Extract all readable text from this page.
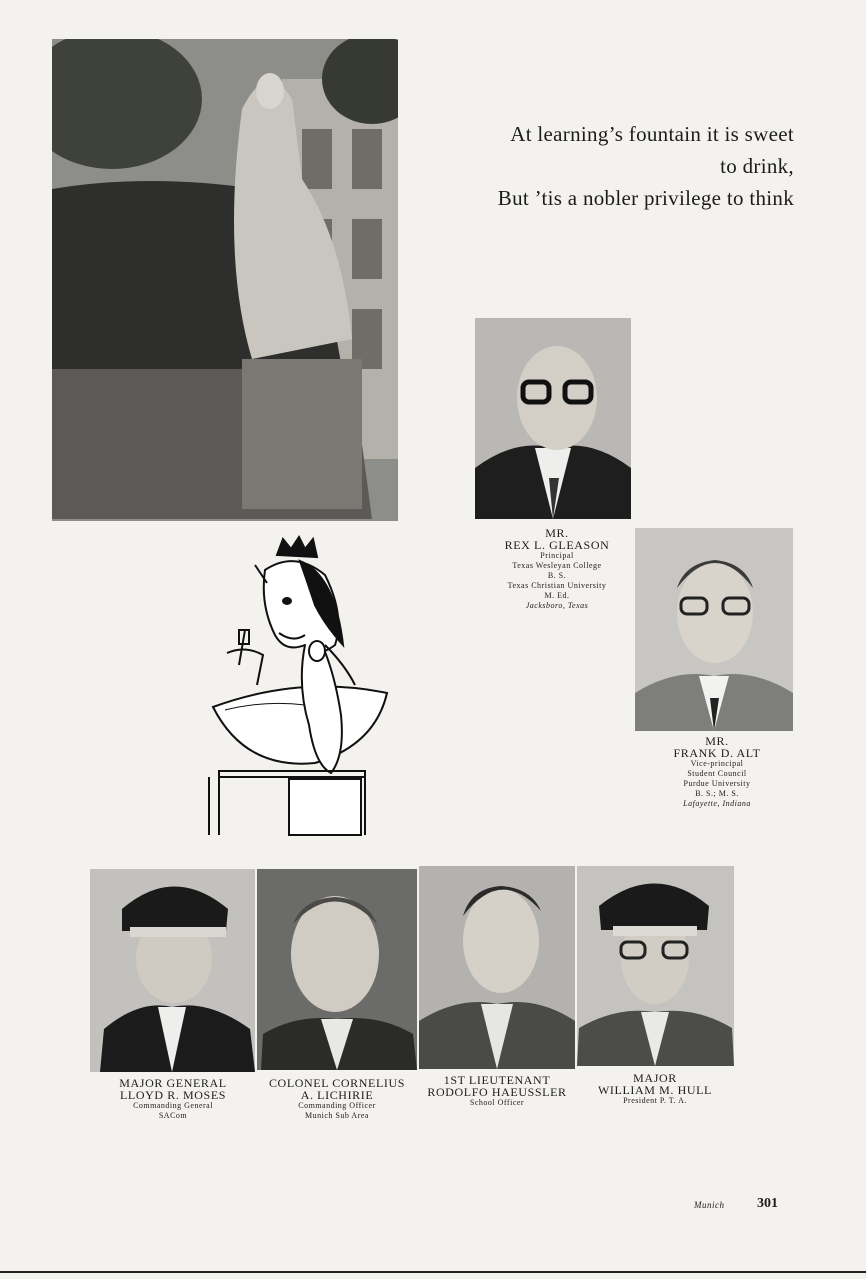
At learning’s fountain it is sweet
to drink,
But ’tis a nobler privilege to think
MR.
REX L. GLEASON
Principal
Texas Wesleyan College
B. S.
Texas Christian University
M. Ed.
Jacksboro, Texas
MR.
FRANK D. ALT
Vice-principal
Student Council
Purdue University
B. S.; M. S.
Lafayette, Indiana
MAJOR GENERAL
LLOYD R. MOSES
Commanding General
SACom
COLONEL CORNELIUS
A. LICHIRIE
Commanding Officer
Munich Sub Area
1ST LIEUTENANT
RODOLFO HAEUSSLER
School Officer
MAJOR
WILLIAM M. HULL
President P. T. A.
Munich 301
